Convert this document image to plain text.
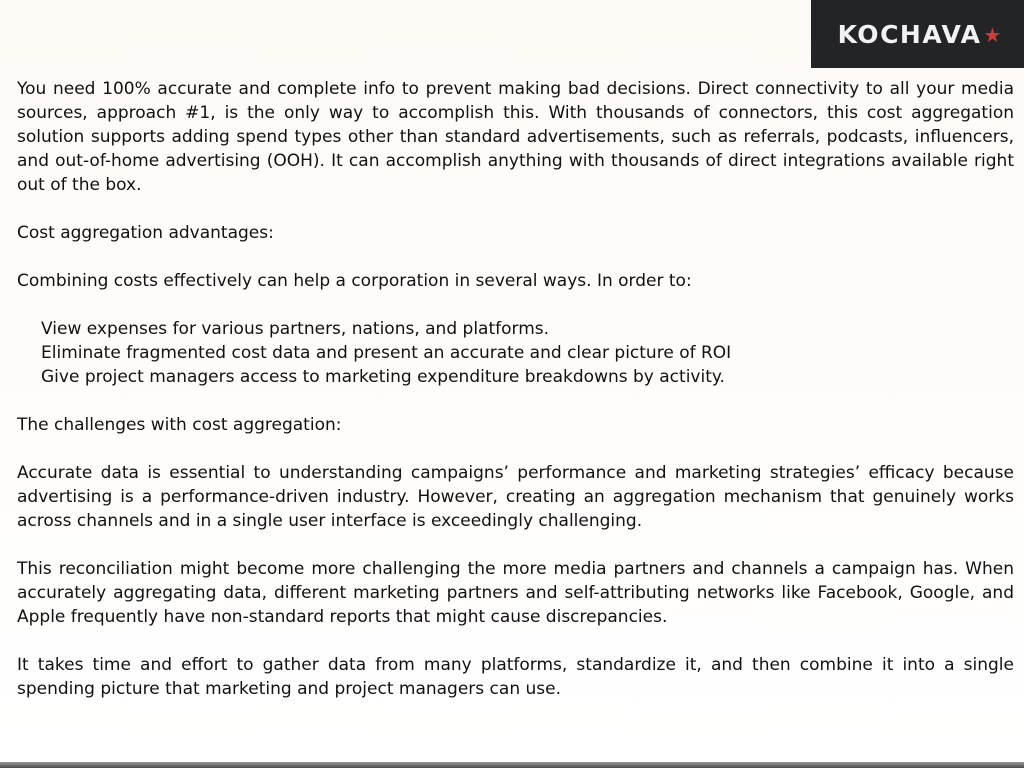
KOCHAVA ★

You need 100% accurate and complete info to prevent making bad decisions. Direct connectivity to all your media sources, approach #1, is the only way to accomplish this. With thousands of connectors, this cost aggregation solution supports adding spend types other than standard advertisements, such as referrals, podcasts, influencers, and out-of-home advertising (OOH). It can accomplish anything with thousands of direct integrations available right out of the box.

Cost aggregation advantages:

Combining costs effectively can help a corporation in several ways. In order to:

View expenses for various partners, nations, and platforms.
Eliminate fragmented cost data and present an accurate and clear picture of ROI
Give project managers access to marketing expenditure breakdowns by activity.

The challenges with cost aggregation:

Accurate data is essential to understanding campaigns’ performance and marketing strategies’ efficacy because advertising is a performance-driven industry. However, creating an aggregation mechanism that genuinely works across channels and in a single user interface is exceedingly challenging.

This reconciliation might become more challenging the more media partners and channels a campaign has. When accurately aggregating data, different marketing partners and self-attributing networks like Facebook, Google, and Apple frequently have non-standard reports that might cause discrepancies.

It takes time and effort to gather data from many platforms, standardize it, and then combine it into a single spending picture that marketing and project managers can use.
